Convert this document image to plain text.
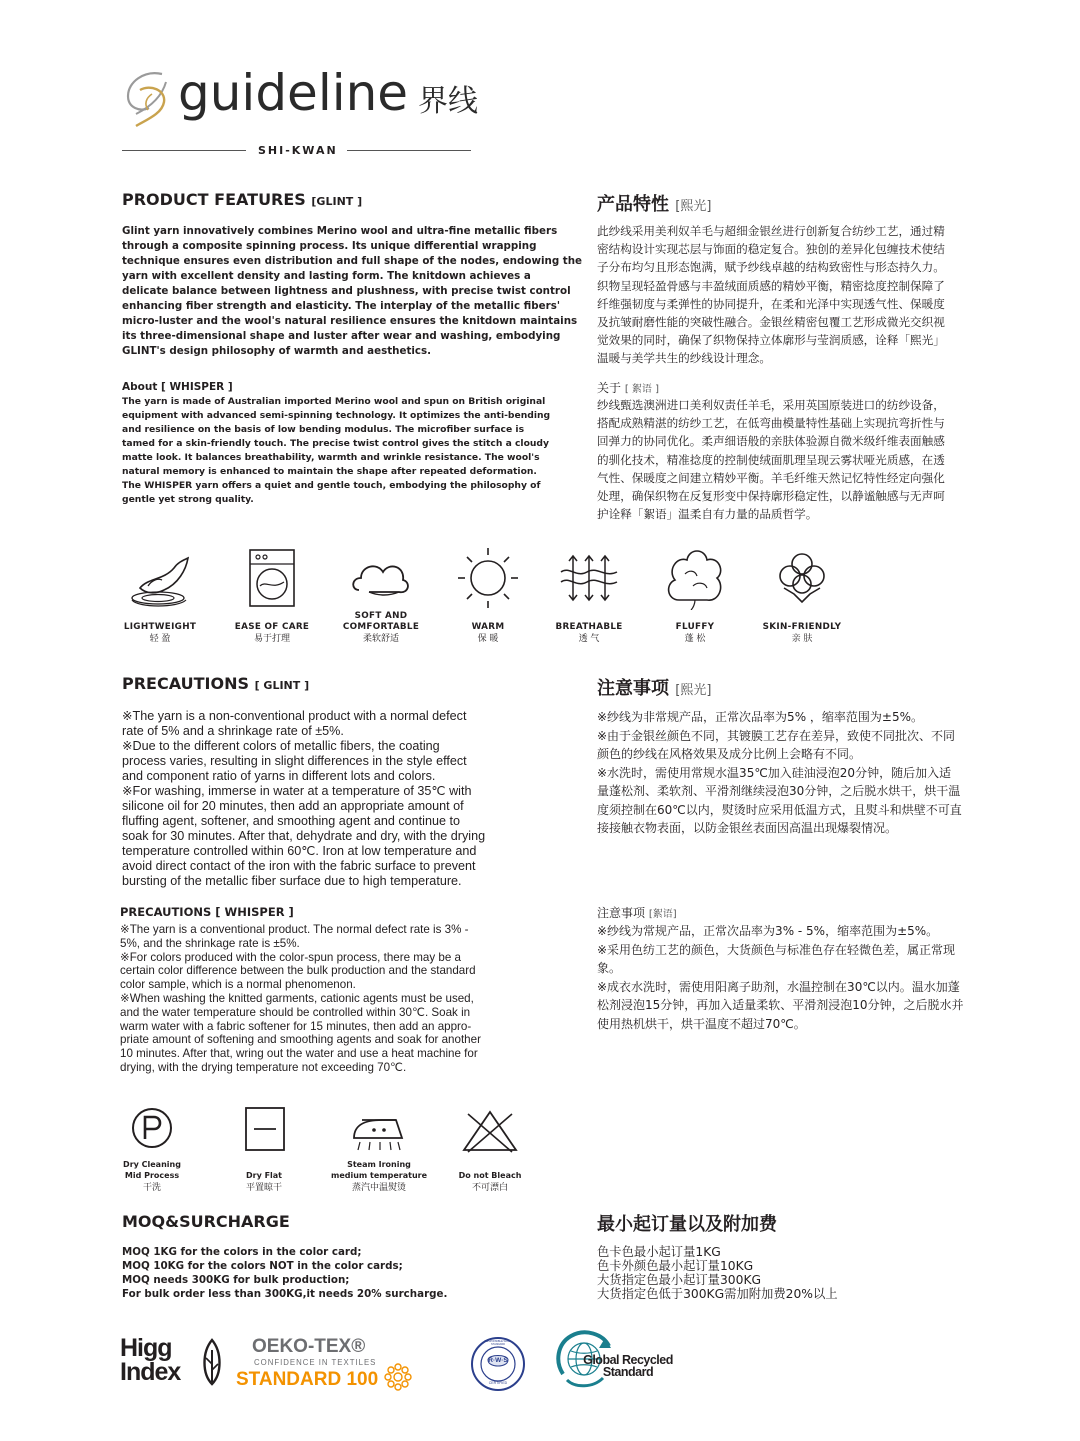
guideline 界线
SHI-KWAN
PRODUCT FEATURES [GLINT ]
Glint yarn innovatively combines Merino wool and ultra-fine metallic fibers
through a composite spinning process. Its unique differential wrapping
technique ensures even distribution and full shape of the nodes, endowing the
yarn with excellent density and lasting form. The knitdown achieves a
delicate balance between lightness and plushness, with precise twist control
enhancing fiber strength and elasticity. The interplay of the metallic fibers'
micro-luster and the wool's natural resilience ensures the knitdown maintains
its three-dimensional shape and luster after wear and washing, embodying
GLINT's design philosophy of warmth and aesthetics.
产品特性 [熙光]
此纱线采用美利奴羊毛与超细金银丝进行创新复合纺纱工艺，通过精
密结构设计实现芯层与饰面的稳定复合。独创的差异化包缠技术使结
子分布均匀且形态饱满，赋予纱线卓越的结构致密性与形态持久力。
织物呈现轻盈骨感与丰盈绒面质感的精妙平衡，精密捻度控制保障了
纤维强韧度与柔弹性的协同提升，在柔和光泽中实现透气性、保暖度
及抗皱耐磨性能的突破性融合。金银丝精密包覆工艺形成微光交织视
觉效果的同时，确保了织物保持立体廓形与莹润质感，诠释「熙光」
温暖与美学共生的纱线设计理念。
About [ WHISPER ]
The yarn is made of Australian imported Merino wool and spun on British original
equipment with advanced semi-spinning technology. It optimizes the anti-bending
and resilience on the basis of low bending modulus. The microfiber surface is
tamed for a skin-friendly touch. The precise twist control gives the stitch a cloudy
matte look. It balances breathability, warmth and wrinkle resistance. The wool's
natural memory is enhanced to maintain the shape after repeated deformation.
The WHISPER yarn offers a quiet and gentle touch, embodying the philosophy of
gentle yet strong quality.
关于 [ 絮语 ]
纱线甄选澳洲进口美利奴责任羊毛，采用英国原装进口的纺纱设备，
搭配成熟精湛的纺纱工艺，在低弯曲模量特性基础上实现抗弯折性与
回弹力的协同优化。柔声细语般的亲肤体验源自微米级纤维表面触感
的驯化技术，精准捻度的控制使绒面肌理呈现云雾状哑光质感，在透
气性、保暖度之间建立精妙平衡。羊毛纤维天然记忆特性经定向强化
处理，确保织物在反复形变中保持廓形稳定性，以静谧触感与无声呵
护诠释「絮语」温柔自有力量的品质哲学。
LIGHTWEIGHT
轻 盈
EASE OF CARE
易于打理
SOFT AND
COMFORTABLE
柔软舒适
WARM
保 暖
BREATHABLE
透 气
FLUFFY
蓬 松
SKIN-FRIENDLY
亲 肤
PRECAUTIONS [ GLINT ]
※The yarn is a non-conventional product with a normal defect
rate of 5% and a shrinkage rate of ±5%.
※Due to the different colors of metallic fibers, the coating
process varies, resulting in slight differences in the style effect
and component ratio of yarns in different lots and colors.
※For washing, immerse in water at a temperature of 35℃ with
silicone oil for 20 minutes, then add an appropriate amount of
fluffing agent, softener, and smoothing agent and continue to
soak for 30 minutes. After that, dehydrate and dry, with the drying
temperature controlled within 60℃. Iron at low temperature and
avoid direct contact of the iron with the fabric surface to prevent
bursting of the metallic fiber surface due to high temperature.
注意事项 [熙光]
※纱线为非常规产品，正常次品率为5% ，缩率范围为±5%。
※由于金银丝颜色不同，其镀膜工艺存在差异，致使不同批次、不同
颜色的纱线在风格效果及成分比例上会略有不同。
※水洗时，需使用常规水温35℃加入硅油浸泡20分钟，随后加入适
量蓬松剂、柔软剂、平滑剂继续浸泡30分钟，之后脱水烘干，烘干温
度须控制在60℃以内，熨烫时应采用低温方式，且熨斗和烘壁不可直
接接触衣物表面，以防金银丝表面因高温出现爆裂情况。
PRECAUTIONS [ WHISPER ]
※The yarn is a conventional product. The normal defect rate is 3% -
5%, and the shrinkage rate is ±5%.
※For colors produced with the color-spun process, there may be a
certain color difference between the bulk production and the standard
color sample, which is a normal phenomenon.
※When washing the knitted garments, cationic agents must be used,
and the water temperature should be controlled within 30℃. Soak in
warm water with a fabric softener for 15 minutes, then add an appro-
priate amount of softening and smoothing agents and soak for another
10 minutes. After that, wring out the water and use a heat machine for
drying, with the drying temperature not exceeding 70℃.
注意事项 [絮语]
※纱线为常规产品，正常次品率为3% - 5%，缩率范围为±5%。
※采用色纺工艺的颜色，大货颜色与标准色存在轻微色差，属正常现
象。
※成衣水洗时，需使用阳离子助剂，水温控制在30℃以内。温水加蓬
松剂浸泡15分钟，再加入适量柔软、平滑剂浸泡10分钟，之后脱水并
使用热机烘干，烘干温度不超过70℃。
Dry Cleaning
Mid Process
干洗
Dry Flat
平置晾干
Steam Ironing
medium temperature
蒸汽中温熨烫
Do not Bleach
不可漂白
MOQ&SURCHARGE
MOQ 1KG for the colors in the color card;
MOQ 10KG for the colors NOT in the color cards;
MOQ needs 300KG for bulk production;
For bulk order less than 300KG,it needs 20% surcharge.
最小起订量以及附加费
色卡色最小起订量1KG
色卡外颜色最小起订量10KG
大货指定色最小起订量300KG
大货指定色低于300KG需加附加费20%以上
Higg
Index
OEKO-TEX®
CONFIDENCE IN TEXTILES
STANDARD 100
R·W·S
RESPONSIBLE WOOL STANDARD
CERTIFIED
Global Recycled
Standard
